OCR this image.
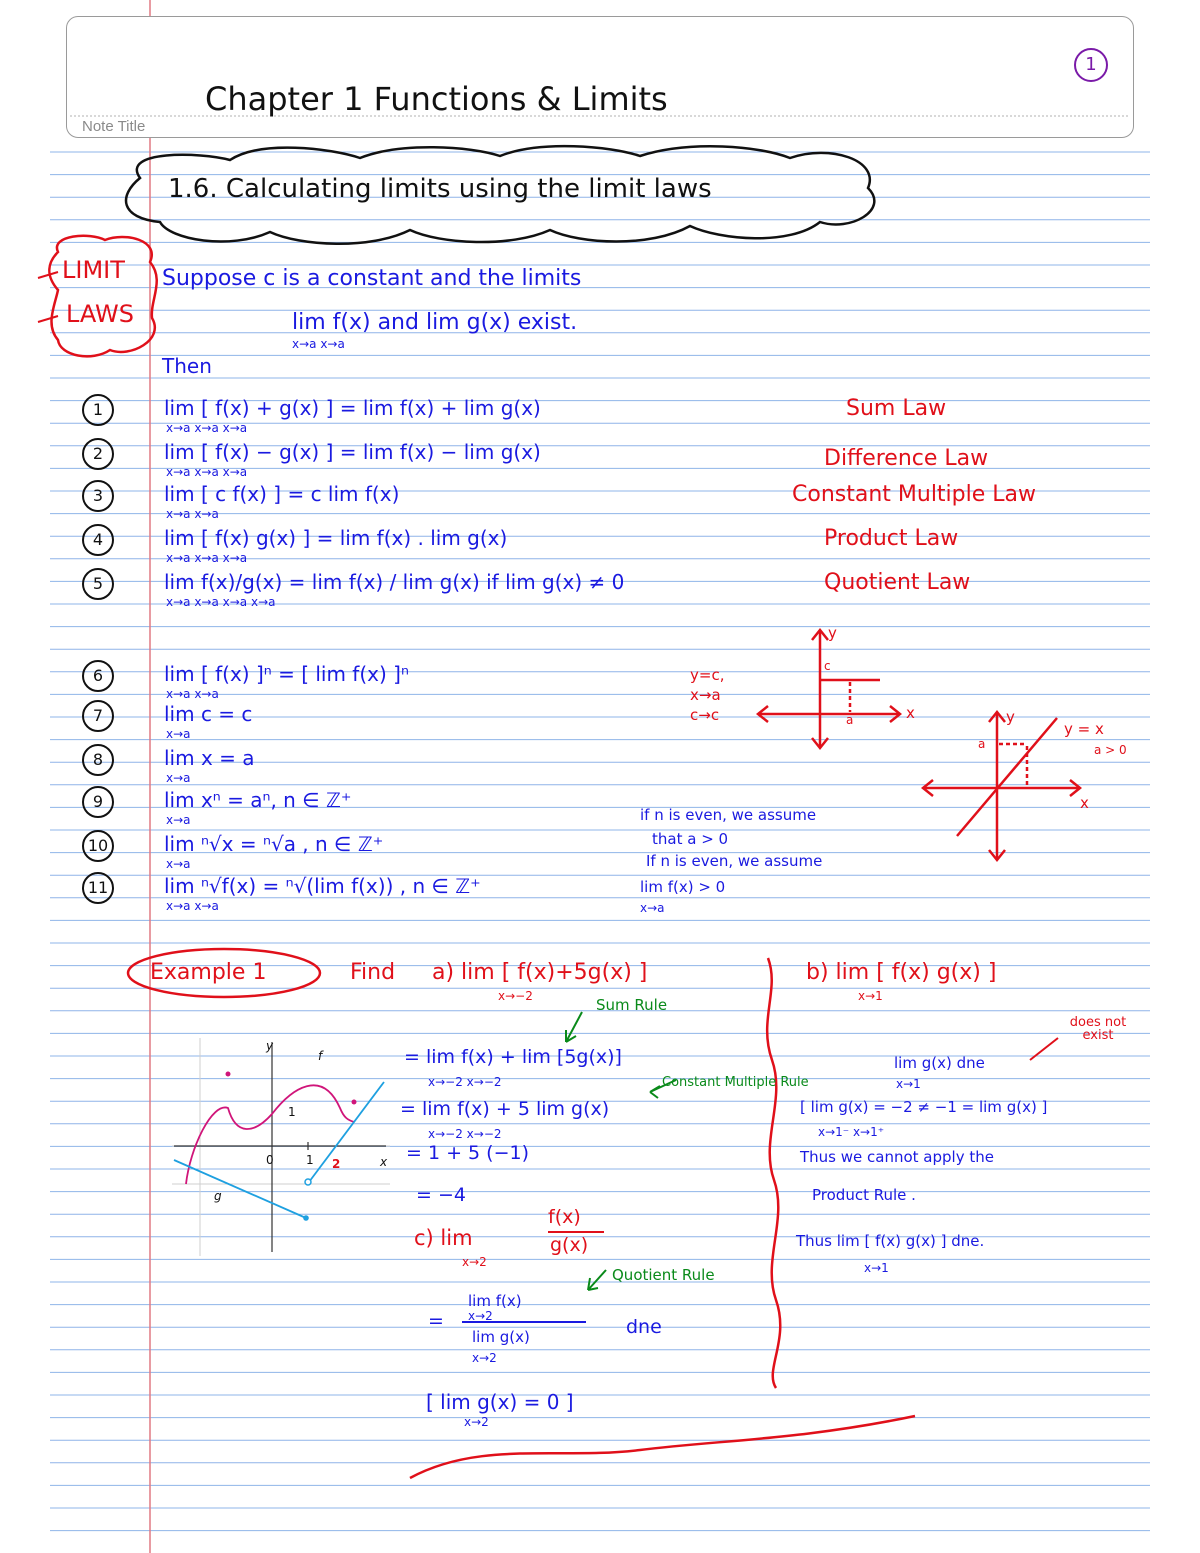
Note Title
1
Chapter 1 Functions & Limits
1.6. Calculating limits using the limit laws
LIMIT
LAWS
Suppose c is a constant and the limits
lim f(x) and lim g(x) exist.
x→a x→a
Then
1	lim [ f(x) + g(x) ] = lim f(x) + lim g(x)
x→a x→a x→a
Sum Law
2	lim [ f(x) − g(x) ] = lim f(x) − lim g(x)
x→a x→a x→a
Difference Law
3	lim [ c f(x) ] = c lim f(x)
x→a x→a
Constant Multiple Law
4	lim [ f(x) g(x) ] = lim f(x) . lim g(x)
x→a x→a x→a
Product Law
5	lim f(x)/g(x) = lim f(x) / lim g(x) if lim g(x) ≠ 0
x→a x→a x→a x→a
Quotient Law
6	lim [ f(x) ]ⁿ = [ lim f(x) ]ⁿ
x→a x→a
7	lim c = c
x→a
8	lim x = a
x→a
9	lim xⁿ = aⁿ, n ∈ ℤ⁺
x→a
10	lim ⁿ√x = ⁿ√a , n ∈ ℤ⁺
x→a
11	lim ⁿ√f(x) = ⁿ√(lim f(x)) , n ∈ ℤ⁺
x→a x→a
if n is even, we assume
that a > 0
If n is even, we assume
lim f(x) > 0
x→a
y
c
x
a
y=c,
x→a
c→c	y
a
x
y = x
a > 0
Example 1	Find a) lim [ f(x)+5g(x) ]
x→−2
b) lim [ f(x) g(x) ]
x→1
Sum Rule
= lim f(x) + lim [5g(x)]
x→−2 x→−2	Constant Multiple Rule
= lim f(x) + 5 lim g(x)
x→−2 x→−2
= 1 + 5 (−1)
= −4
c) lim
x→2
f(x)
g(x)
Quotient Rule
lim f(x)
x→2
=
lim g(x)
x→2
dne
[ lim g(x) = 0 ]
x→2
lim g(x) dne
x→1
does not exist
[ lim g(x) = −2 ≠ −1 = lim g(x) ]
x→1⁻ x→1⁺
Thus we cannot apply the
Product Rule .
Thus lim [ f(x) g(x) ] dne.
x→1
y
f
g
1
0	1 2	x
